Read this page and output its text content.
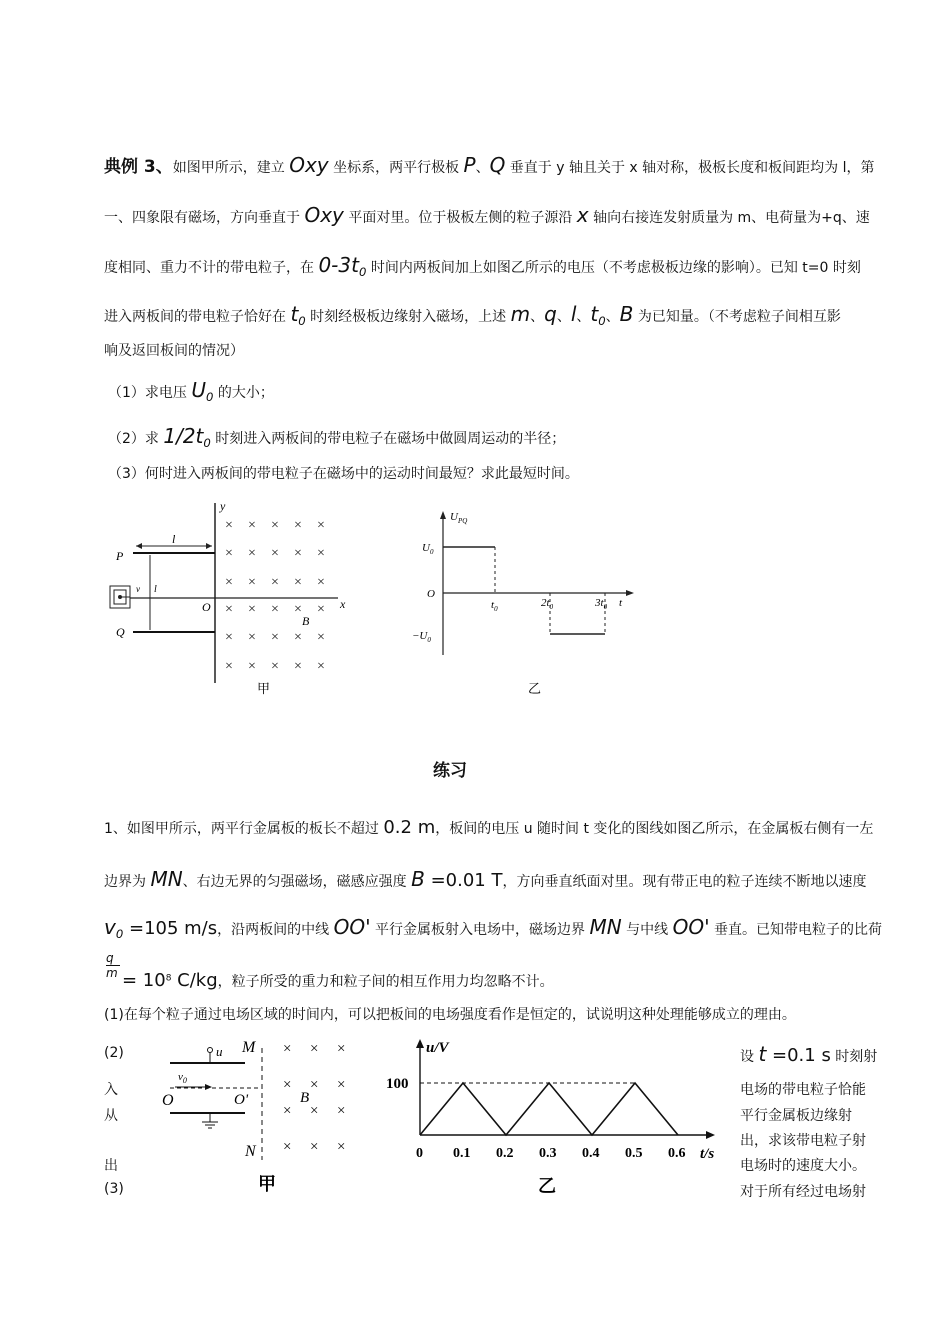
典例 3、如图甲所示，建立 Oxy 坐标系，两平行极板 P、Q 垂直于 y 轴且关于 x 轴对称，极板长度和板间距均为 l，第
一、四象限有磁场，方向垂直于 Oxy 平面对里。位于极板左侧的粒子源沿 x 轴向右接连发射质量为 m、电荷量为+q、速
度相同、重力不计的带电粒子，在 $0-3t_0$ 时间内两板间加上如图乙所示的电压（不考虑极板边缘的影响）。已知 t=0 时刻
进入两板间的带电粒子恰好在 $t_0$ 时刻经极板边缘射入磁场，上述 m、q、l、$t_0$、B 为已知量。（不考虑粒子间相互影
响及返回板间的情况）
（1）求电压 $U_0$ 的大小；
（2）求 $1/2t_0$ 时刻进入两板间的带电粒子在磁场中做圆周运动的半径；
（3）何时进入两板间的带电粒子在磁场中的运动时间最短？求此最短时间。
y
x
O
P
Q
l
l
v
× × × × ×
× × × × ×
× × × × ×
× × × × ×
× × × × ×
× × × × ×
B
甲
$U_{PQ}$
$U_0$
O
$-U_0$
$t_0$	$2t_0$	$3t_0$ t
乙
练习
1、如图甲所示，两平行金属板的板长不超过 0.2 m，板间的电压 u 随时间 t 变化的图线如图乙所示，在金属板右侧有一左
边界为 MN、右边无界的匀强磁场，磁感应强度 B =0.01 T，方向垂直纸面对里。现有带正电的粒子连续不断地以速度
$v_0 =105$ m/s，沿两板间的中线 OO' 平行金属板射入电场中，磁场边界 MN 与中线 OO' 垂直。已知带电粒子的比荷
q
$m = 10^8$ C/kg，粒子所受的重力和粒子间的相互作用力均忽略不计。
(1)在每个粒子通过电场区域的时间内，可以把板间的电场强度看作是恒定的，试说明这种处理能够成立的理由。
(2)
入
从
出
(3)
设 t =0.1 s 时刻射
电场的带电粒子恰能
平行金属板边缘射
出，求该带电粒子射
电场时的速度大小。
对于所有经过电场射
u
$v_0$
O	O'
M
N
× × ×
× × ×
× × ×
× × ×
B
甲
u/V
t/s
100
0 0.1 0.2 0.3 0.4 0.5 0.6
乙
